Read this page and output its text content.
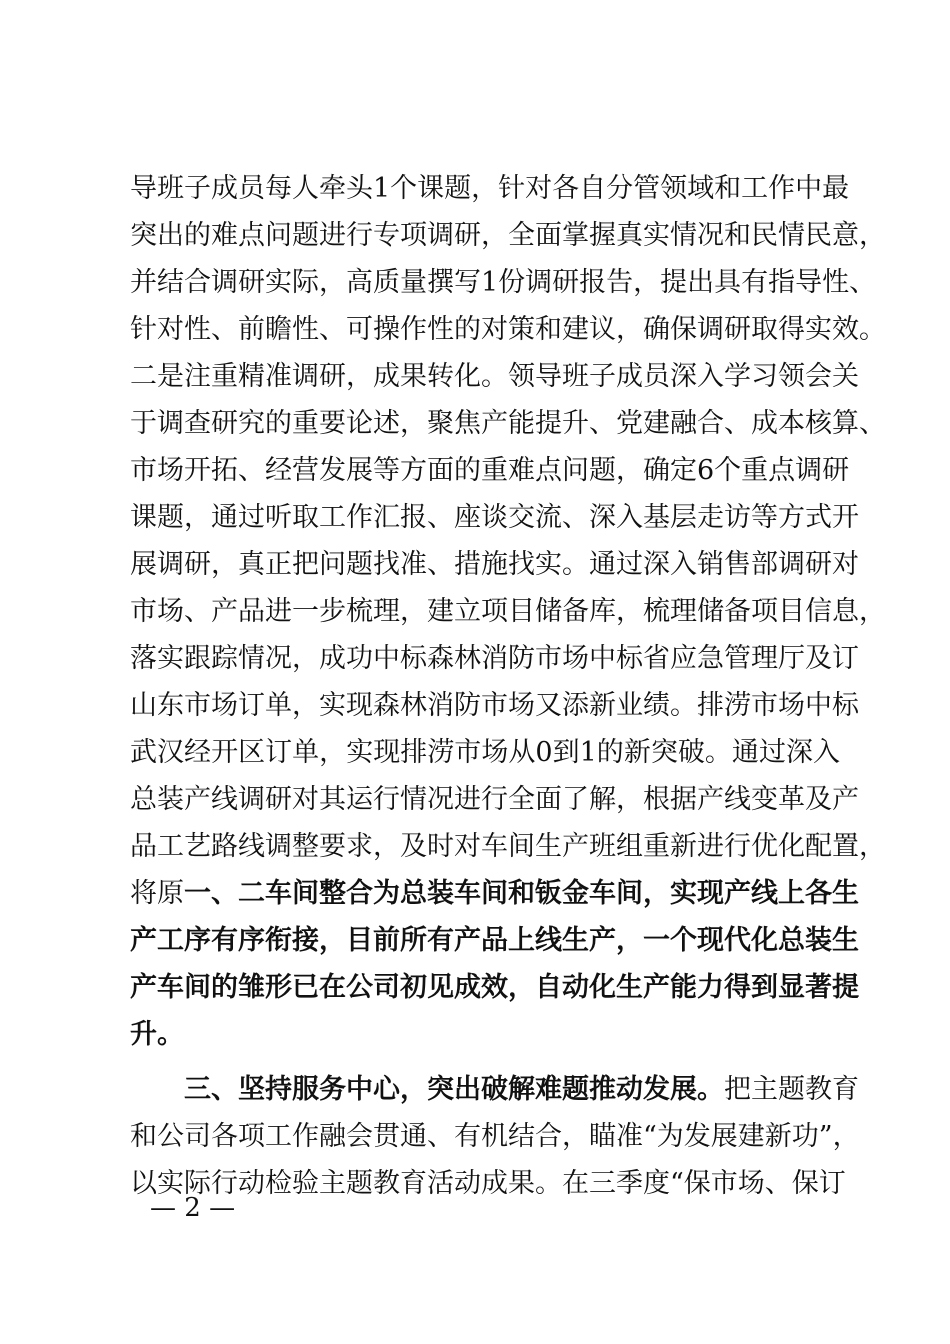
导班子成员每人牵头1个课题，针对各自分管领域和工作中最
突出的难点问题进行专项调研，全面掌握真实情况和民情民意，
并结合调研实际，高质量撰写1份调研报告，提出具有指导性、
针对性、前瞻性、可操作性的对策和建议，确保调研取得实效。
二是注重精准调研，成果转化。领导班子成员深入学习领会关
于调查研究的重要论述，聚焦产能提升、党建融合、成本核算、
市场开拓、经营发展等方面的重难点问题，确定6个重点调研
课题，通过听取工作汇报、座谈交流、深入基层走访等方式开
展调研，真正把问题找准、措施找实。通过深入销售部调研对
市场、产品进一步梳理，建立项目储备库，梳理储备项目信息，
落实跟踪情况，成功中标森林消防市场中标省应急管理厅及订
山东市场订单，实现森林消防市场又添新业绩。排涝市场中标
武汉经开区订单，实现排涝市场从0到1的新突破。通过深入
总装产线调研对其运行情况进行全面了解，根据产线变革及产
品工艺路线调整要求，及时对车间生产班组重新进行优化配置，
将原一、二车间整合为总装车间和钣金车间，实现产线上各生
产工序有序衔接，目前所有产品上线生产，一个现代化总装生
产车间的雏形已在公司初见成效，自动化生产能力得到显著提
升。
三、坚持服务中心，突出破解难题推动发展。把主题教育
和公司各项工作融会贯通、有机结合，瞄准“为发展建新功”，
以实际行动检验主题教育活动成果。在三季度“保市场、保订
— 2 —
